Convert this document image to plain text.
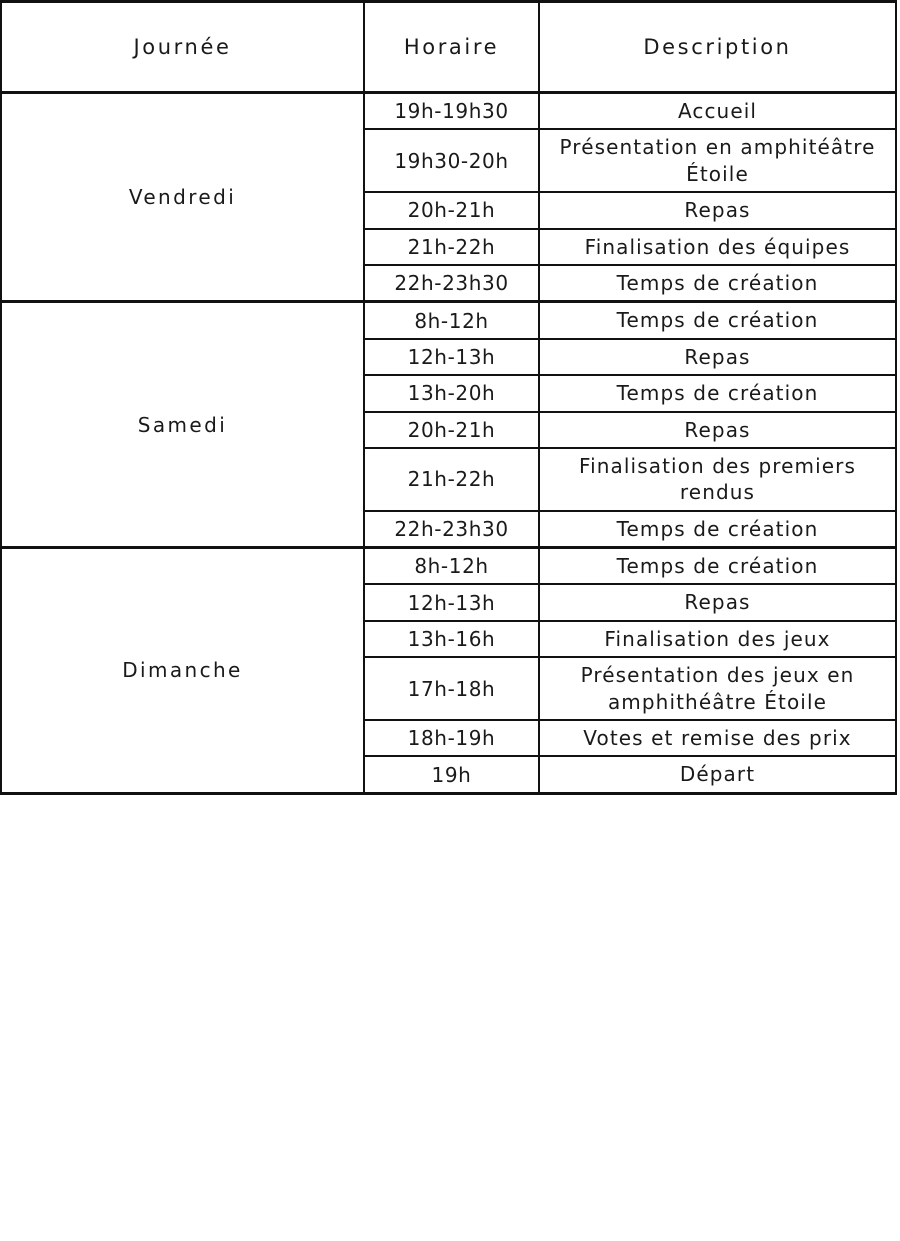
Journée	Horaire	Description
Vendredi	19h-19h30	Accueil
	19h30-20h	Présentation en amphitéâtre Étoile
	20h-21h	Repas
	21h-22h	Finalisation des équipes
	22h-23h30	Temps de création
Samedi	8h-12h	Temps de création
	12h-13h	Repas
	13h-20h	Temps de création
	20h-21h	Repas
	21h-22h	Finalisation des premiers rendus
	22h-23h30	Temps de création
Dimanche	8h-12h	Temps de création
	12h-13h	Repas
	13h-16h	Finalisation des jeux
	17h-18h	Présentation des jeux en amphithéâtre Étoile
	18h-19h	Votes et remise des prix
	19h	Départ
